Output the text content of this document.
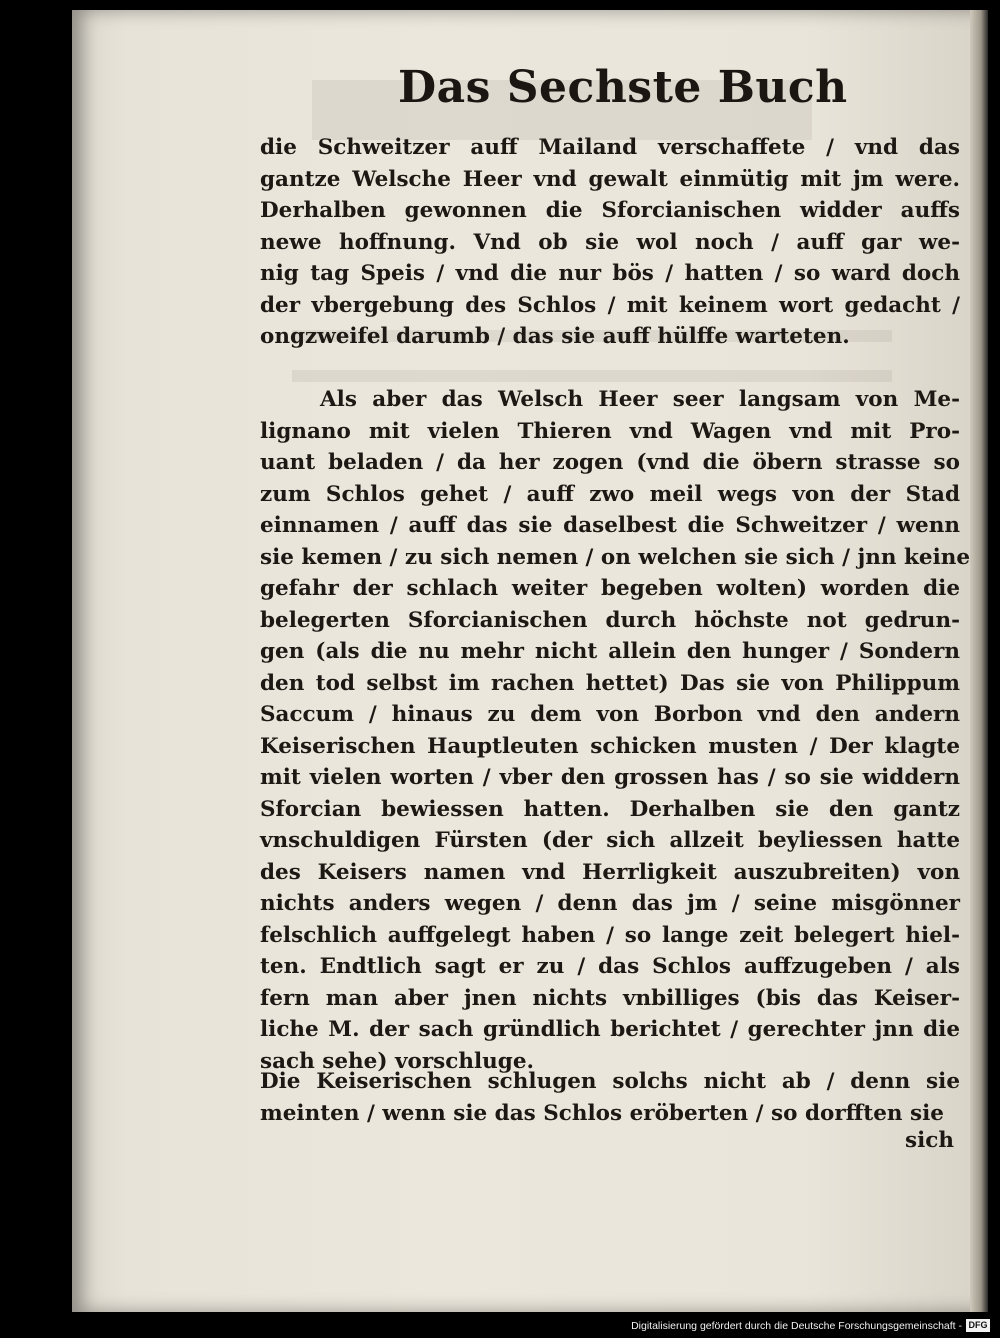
Das Sechste Buch
die Schweitzer auff Mailand verschaffete / vnd das
gantze Welsche Heer vnd gewalt einmütig mit jm were.
Derhalben gewonnen die Sforcianischen widder auffs
newe hoffnung. Vnd ob sie wol noch / auff gar we-
nig tag Speis / vnd die nur bös / hatten / so ward doch
der vbergebung des Schlos / mit keinem wort gedacht /
ongzweifel darumb / das sie auff hülffe warteten.
Als aber das Welsch Heer seer langsam von Me-
lignano mit vielen Thieren vnd Wagen vnd mit Pro-
uant beladen / da her zogen (vnd die öbern strasse so
zum Schlos gehet / auff zwo meil wegs von der Stad
einnamen / auff das sie daselbest die Schweitzer / wenn
sie kemen / zu sich nemen / on welchen sie sich / jnn keine
gefahr der schlach weiter begeben wolten) worden die
belegerten Sforcianischen durch höchste not gedrun-
gen (als die nu mehr nicht allein den hunger / Sondern
den tod selbst im rachen hettet) Das sie von Philippum
Saccum / hinaus zu dem von Borbon vnd den andern
Keiserischen Hauptleuten schicken musten / Der klagte
mit vielen worten / vber den grossen has / so sie widdern
Sforcian bewiessen hatten. Derhalben sie den gantz
vnschuldigen Fürsten (der sich allzeit beyliessen hatte
des Keisers namen vnd Herrligkeit auszubreiten) von
nichts anders wegen / denn das jm / seine misgönner
felschlich auffgelegt haben / so lange zeit belegert hiel-
ten. Endtlich sagt er zu / das Schlos auffzugeben / als
fern man aber jnen nichts vnbilliges (bis das Keiser-
liche M. der sach gründlich berichtet / gerechter jnn die
sach sehe) vorschluge.
Die Keiserischen schlugen solchs nicht ab / denn sie
meinten / wenn sie das Schlos eröberten / so dorfften sie
sich
Digitalisierung gefördert durch die Deutsche Forschungsgemeinschaft - DFG
